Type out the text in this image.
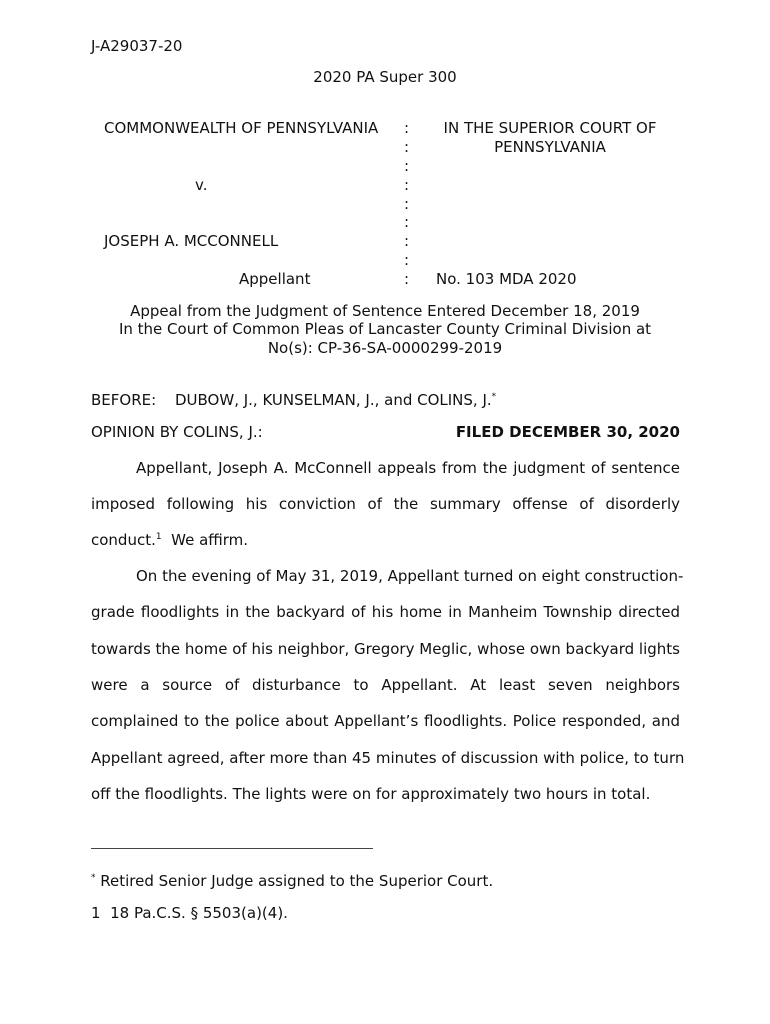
J-A29037-20
2020 PA Super 300
COMMONWEALTH OF PENNSYLVANIA
v.
JOSEPH A. MCCONNELL
Appellant
:
:
:
:
:
:
:
:
:
IN THE SUPERIOR COURT OF
PENNSYLVANIA
No. 103 MDA 2020
Appeal from the Judgment of Sentence Entered December 18, 2019
In the Court of Common Pleas of Lancaster County Criminal Division at
No(s): CP-36-SA-0000299-2019
BEFORE: DUBOW, J., KUNSELMAN, J., and COLINS, J.*
OPINION BY COLINS, J.:	FILED DECEMBER 30, 2020
Appellant, Joseph A. McConnell appeals from the judgment of sentence
imposed following his conviction of the summary offense of disorderly
conduct.$^1$  We affirm.
On the evening of May 31, 2019, Appellant turned on eight construction-
grade floodlights in the backyard of his home in Manheim Township directed
towards the home of his neighbor, Gregory Meglic, whose own backyard lights
were a source of disturbance to Appellant. At least seven neighbors
complained to the police about Appellant’s floodlights. Police responded, and
Appellant agreed, after more than 45 minutes of discussion with police, to turn
off the floodlights. The lights were on for approximately two hours in total.
* Retired Senior Judge assigned to the Superior Court.
1 18 Pa.C.S. § 5503(a)(4).
